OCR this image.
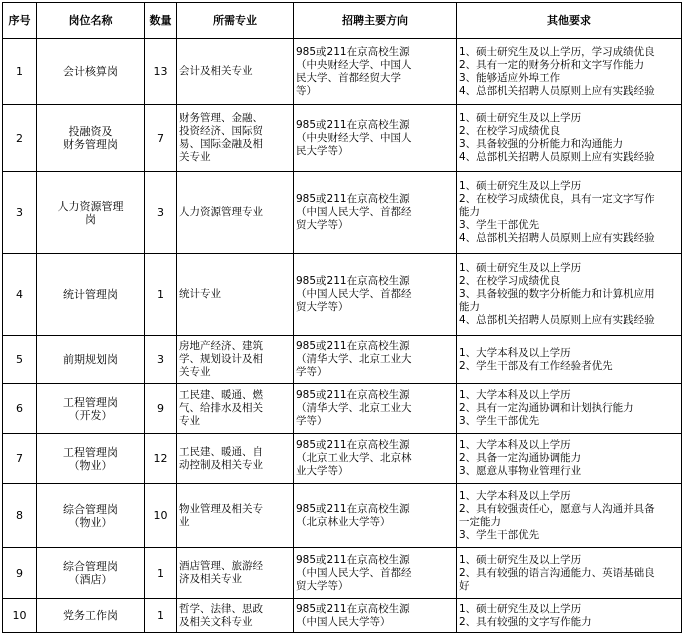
序号	岗位名称	数量	所需专业	招聘主要方向	其他要求
1	会计核算岗	13	会计及相关专业	985或211在京高校生源
（中央财经大学、中国人
民大学、首都经贸大学
等）	1、硕士研究生及以上学历，学习成绩优良
2、具有一定的财务分析和文字写作能力
3、能够适应外埠工作
4、总部机关招聘人员原则上应有实践经验
2	投融资及
财务管理岗	7	财务管理、金融、
投资经济、国际贸
易、国际金融及相
关专业	985或211在京高校生源
（中央财经大学、中国人
民大学等）	1、硕士研究生及以上学历
2、在校学习成绩优良
3、具备较强的分析能力和沟通能力
4、总部机关招聘人员原则上应有实践经验
3	人力资源管理
岗	3	人力资源管理专业	985或211在京高校生源
（中国人民大学、首都经
贸大学等）	1、硕士研究生及以上学历
2、在校学习成绩优良，具有一定文字写作
能力
3、学生干部优先
4、总部机关招聘人员原则上应有实践经验
4	统计管理岗	1	统计专业	985或211在京高校生源
（中国人民大学、首都经
贸大学等）	1、硕士研究生及以上学历
2、在校学习成绩优良
3、具备较强的数字分析能力和计算机应用
能力
4、总部机关招聘人员原则上应有实践经验
5	前期规划岗	3	房地产经济、建筑
学、规划设计及相
关专业	985或211在京高校生源
（清华大学、北京工业大
学等）	1、大学本科及以上学历
2、学生干部及有工作经验者优先
6	工程管理岗
（开发）	9	工民建、暖通、燃
气、给排水及相关
专业	985或211在京高校生源
（清华大学、北京工业大
学等）	1、大学本科及以上学历
2、具有一定沟通协调和计划执行能力
3、学生干部优先
7	工程管理岗
（物业）	12	工民建、暖通、自
动控制及相关专业	985或211在京高校生源
（北京工业大学、北京林
业大学等）	1、大学本科及以上学历
2、具备一定沟通协调能力
3、愿意从事物业管理行业
8	综合管理岗
（物业）	10	物业管理及相关专
业	985或211在京高校生源
（北京林业大学等）	1、大学本科及以上学历
2、具有较强责任心，愿意与人沟通并具备
一定能力
3、学生干部优先
9	综合管理岗
（酒店）	1	酒店管理、旅游经
济及相关专业	985或211在京高校生源
（中国人民大学、首都经
贸大学等）	1、硕士研究生及以上学历
2、具有较强的语言沟通能力、英语基础良
好
10	党务工作岗	1	哲学、法律、思政
及相关文科专业	985或211在京高校生源
（中国人民大学等）	1、硕士研究生及以上学历
2、具有较强的文字写作能力
